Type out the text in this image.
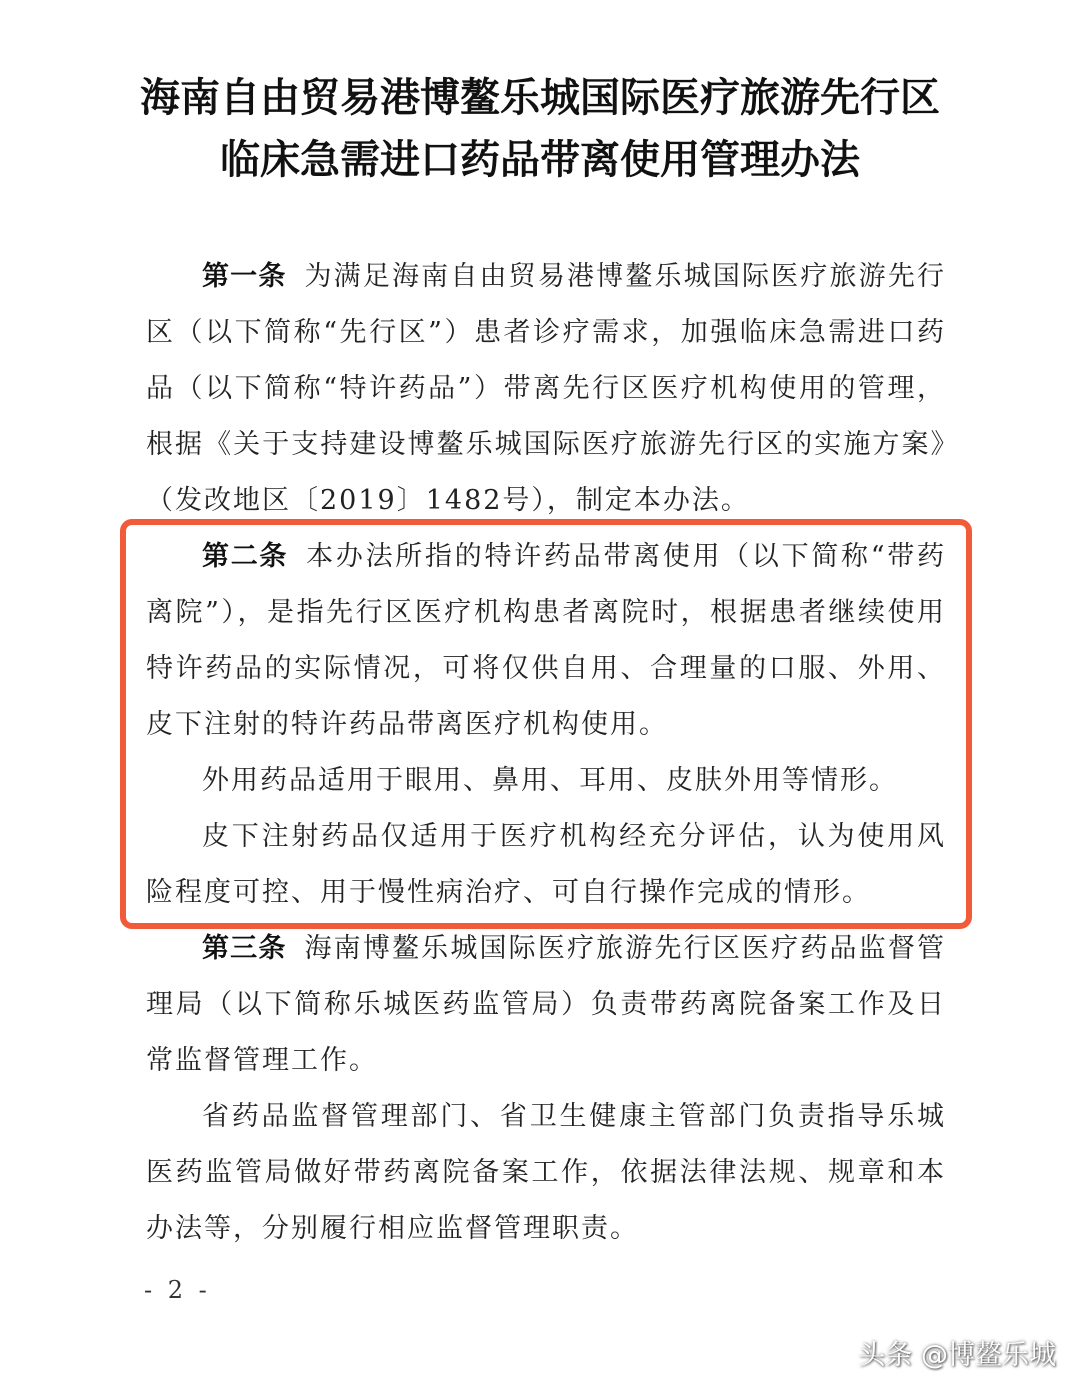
海南自由贸易港博鳌乐城国际医疗旅游先行区
临床急需进口药品带离使用管理办法

第一条 为满足海南自由贸易港博鳌乐城国际医疗旅游先行区（以下简称“先行区”）患者诊疗需求，加强临床急需进口药品（以下简称“特许药品”）带离先行区医疗机构使用的管理，根据《关于支持建设博鳌乐城国际医疗旅游先行区的实施方案》（发改地区〔2019〕1482号），制定本办法。

第二条 本办法所指的特许药品带离使用（以下简称“带药离院”），是指先行区医疗机构患者离院时，根据患者继续使用特许药品的实际情况，可将仅供自用、合理量的口服、外用、皮下注射的特许药品带离医疗机构使用。

外用药品适用于眼用、鼻用、耳用、皮肤外用等情形。

皮下注射药品仅适用于医疗机构经充分评估，认为使用风险程度可控、用于慢性病治疗、可自行操作完成的情形。

第三条 海南博鳌乐城国际医疗旅游先行区医疗药品监督管理局（以下简称乐城医药监管局）负责带药离院备案工作及日常监督管理工作。

省药品监督管理部门、省卫生健康主管部门负责指导乐城医药监管局做好带药离院备案工作，依据法律法规、规章和本办法等，分别履行相应监督管理职责。

- 2 -
头条 @博鳌乐城
